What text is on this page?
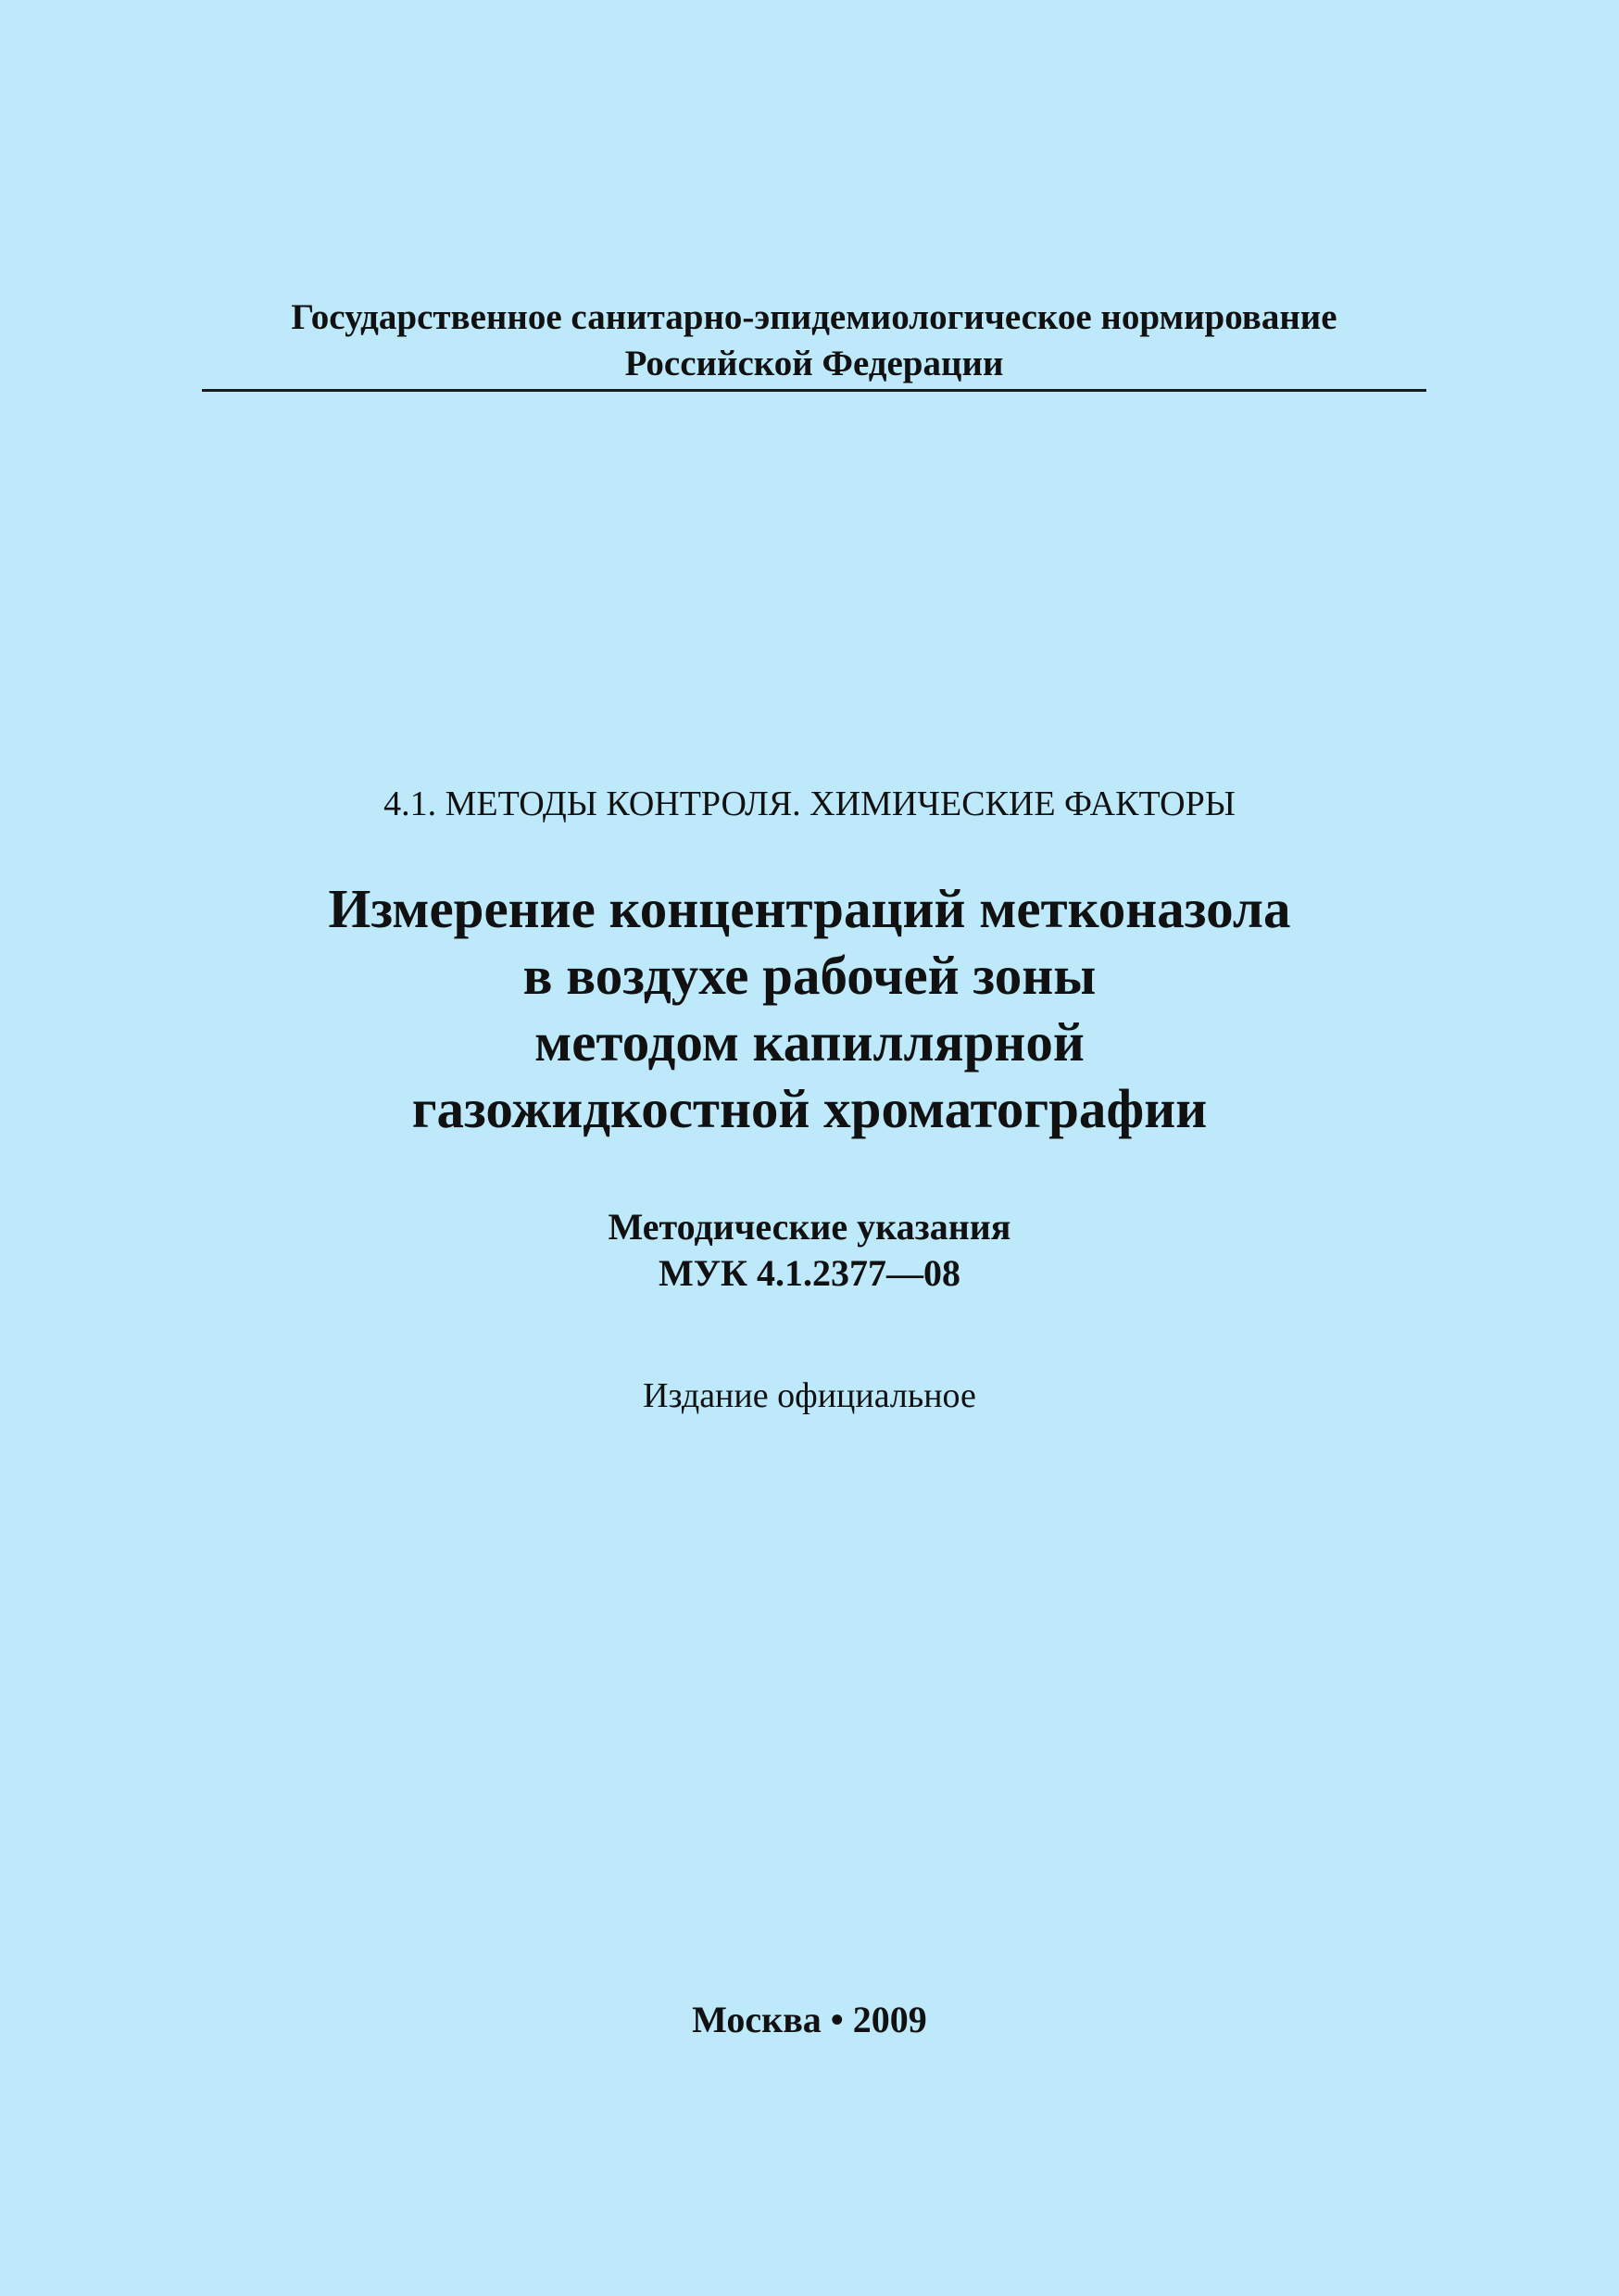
Государственное санитарно-эпидемиологическое нормирование
Российской Федерации
4.1. МЕТОДЫ КОНТРОЛЯ. ХИМИЧЕСКИЕ ФАКТОРЫ
Измерение концентраций метконазола
в воздухе рабочей зоны
методом капиллярной
газожидкостной хроматографии
Методические указания
МУК 4.1.2377—08
Издание официальное
Москва • 2009
